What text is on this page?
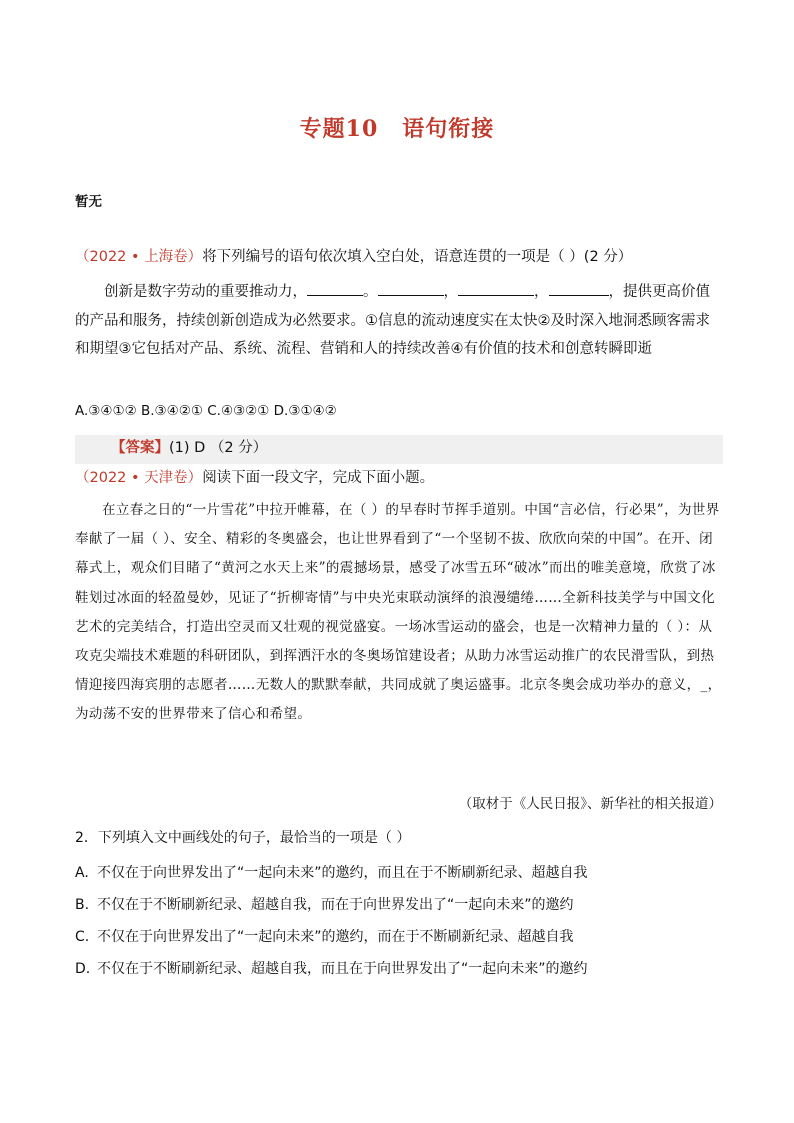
专题10 语句衔接
暂无
（2022 • 上海卷）将下列编号的语句依次填入空白处，语意连贯的一项是（ ）(2 分）

创新是数字劳动的重要推动力，	。	，	，	，提供更高价值的产品和服务，持续创新创造成为必然要求。①信息的流动速度实在太快②及时深入地洞悉顾客需求和期望③它包括对产品、系统、流程、营销和人的持续改善④有价值的技术和创意转瞬即逝

A.③④①② B.③④②① C.④③②① D.③①④②
【答案】(1) D （2 分）
（2022 • 天津卷）阅读下面一段文字，完成下面小题。

在立春之日的“一片雪花”中拉开帷幕，在（ ）的早春时节挥手道别。中国“言必信，行必果”，为世界奉献了一届（ ）、安全、精彩的冬奥盛会，也让世界看到了“一个坚韧不拔、欣欣向荣的中国”。在开、闭幕式上，观众们目睹了“黄河之水天上来”的震撼场景，感受了冰雪五环“破冰”而出的唯美意境，欣赏了冰鞋划过冰面的轻盈曼妙，见证了“折柳寄情”与中央光束联动演绎的浪漫缱绻……全新科技美学与中国文化艺术的完美结合，打造出空灵而又壮观的视觉盛宴。一场冰雪运动的盛会，也是一次精神力量的（ ）：从攻克尖端技术难题的科研团队，到挥洒汗水的冬奥场馆建设者；从助力冰雪运动推广的农民滑雪队，到热情迎接四海宾朋的志愿者……无数人的默默奉献，共同成就了奥运盛事。北京冬奥会成功举办的意义，_，为动荡不安的世界带来了信心和希望。

（取材于《人民日报》、新华社的相关报道）
2．下列填入文中画线处的句子，最恰当的一项是（ ）
A. 不仅在于向世界发出了“一起向未来”的邀约，而且在于不断刷新纪录、超越自我
B. 不仅在于不断刷新纪录、超越自我，而在于向世界发出了“一起向未来”的邀约
C. 不仅在于向世界发出了“一起向未来”的邀约，而在于不断刷新纪录、超越自我
D. 不仅在于不断刷新纪录、超越自我，而且在于向世界发出了“一起向未来”的邀约
